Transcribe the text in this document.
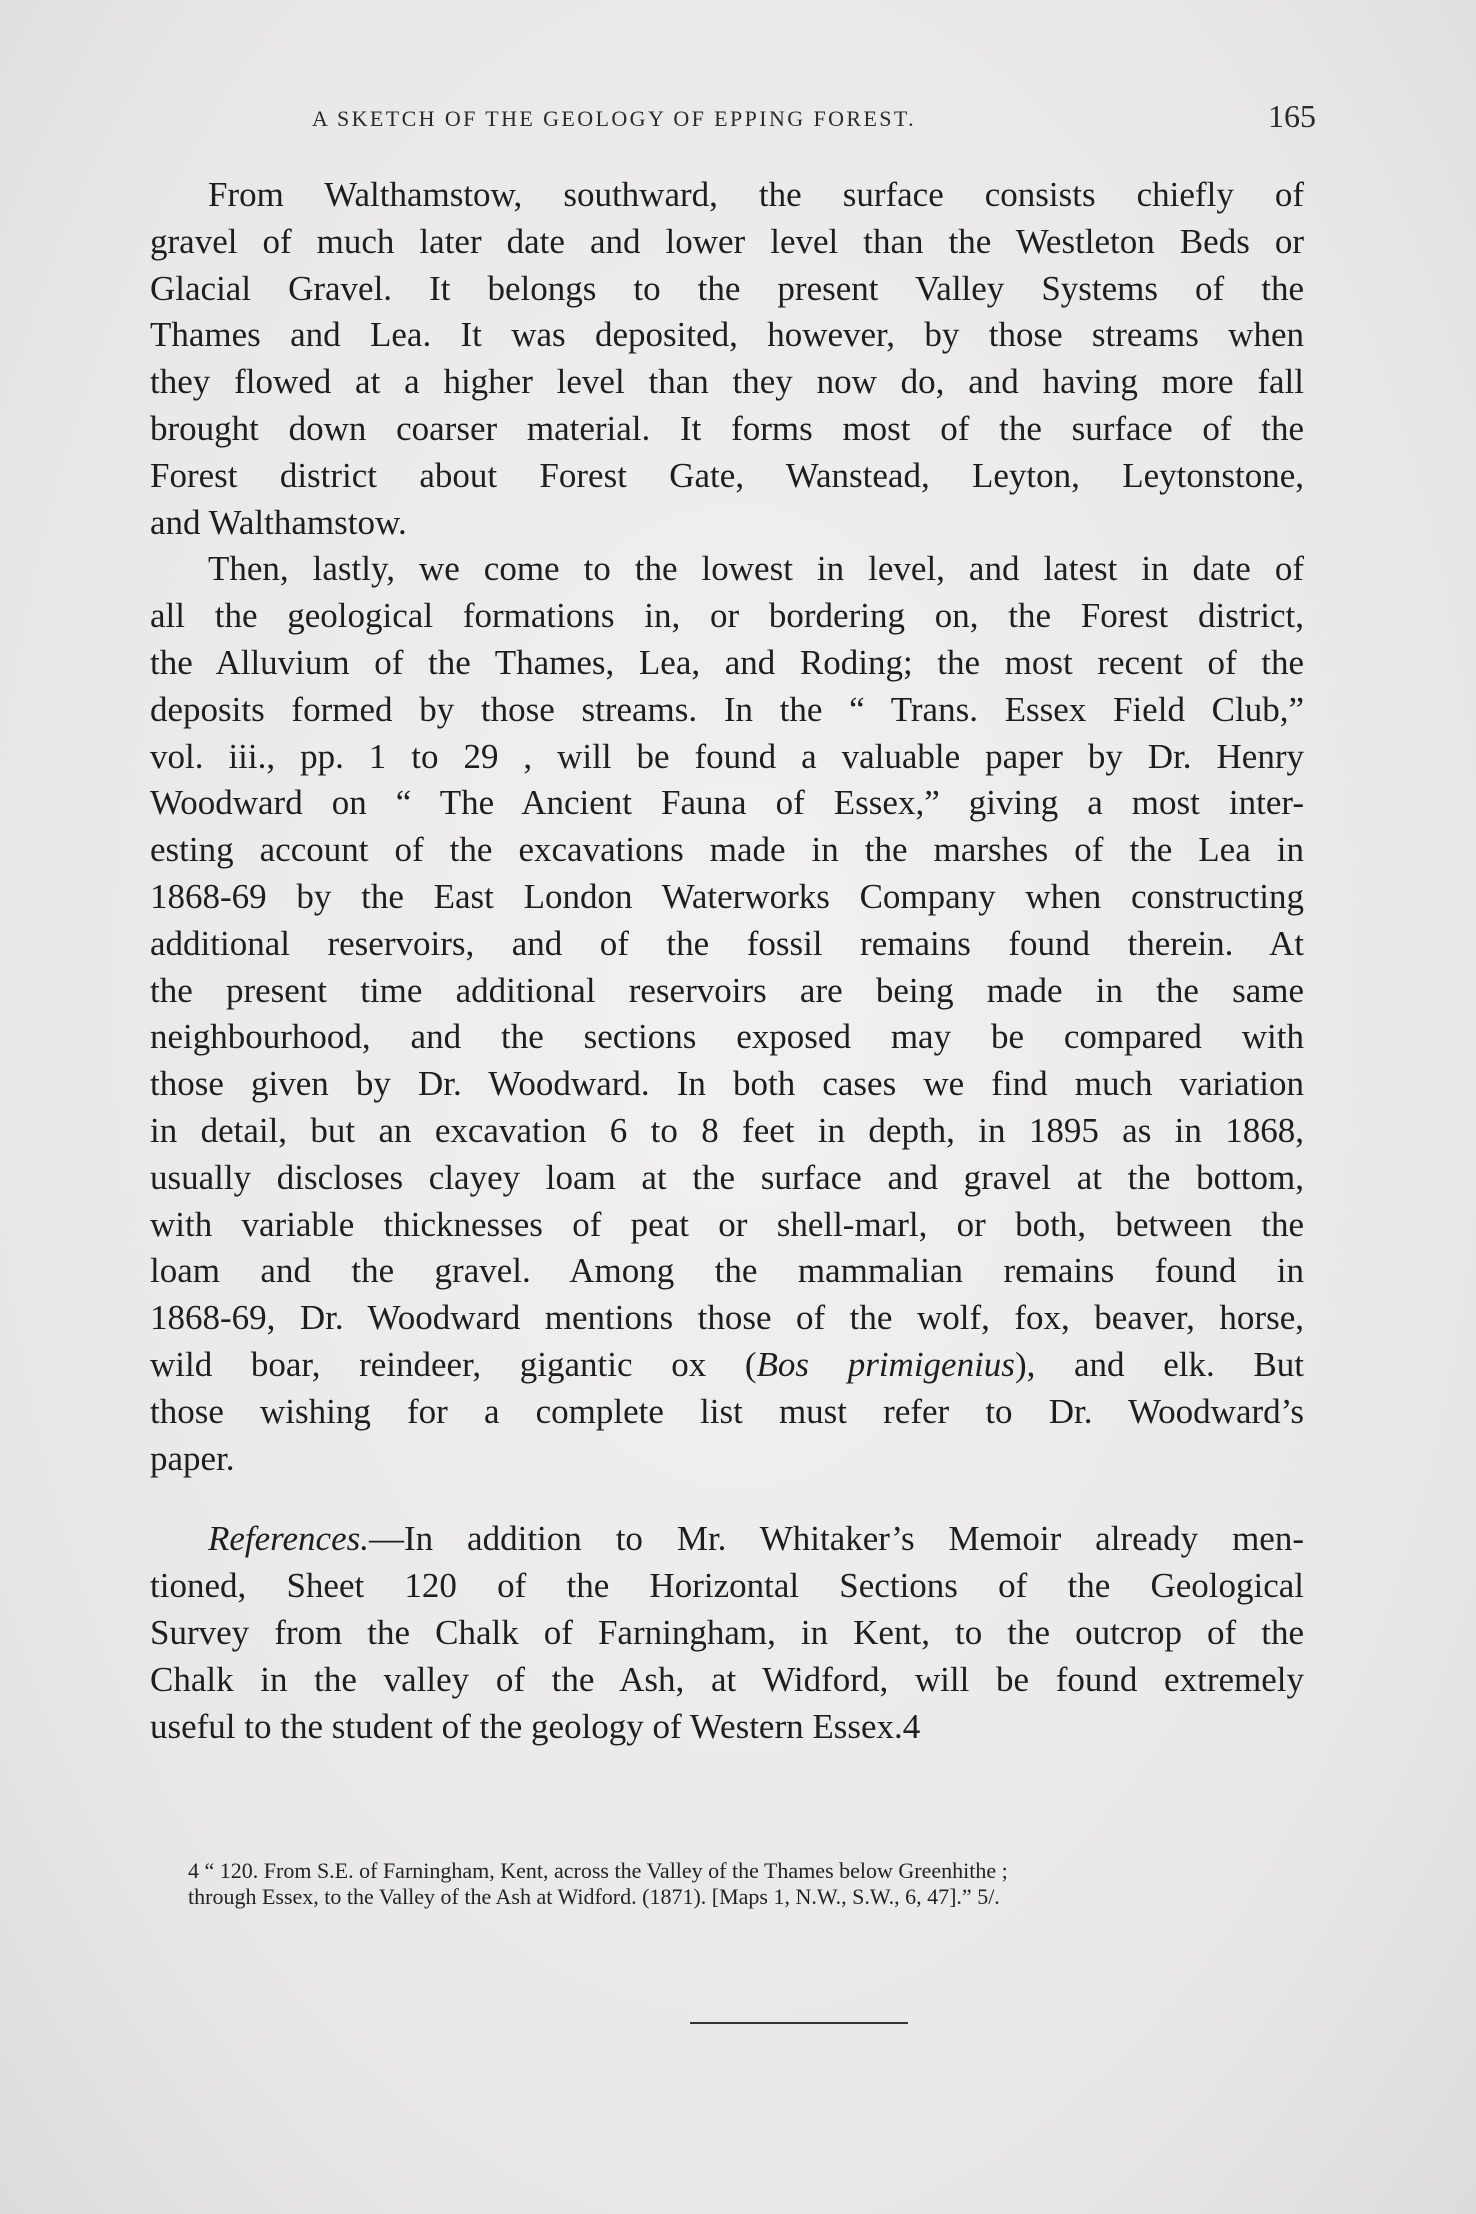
A SKETCH OF THE GEOLOGY OF EPPING FOREST.	165

From Walthamstow, southward, the surface consists chiefly of
gravel of much later date and lower level than the Westleton Beds or
Glacial Gravel. It belongs to the present Valley Systems of the
Thames and Lea. It was deposited, however, by those streams when
they flowed at a higher level than they now do, and having more fall
brought down coarser material. It forms most of the surface of the
Forest district about Forest Gate, Wanstead, Leyton, Leytonstone,
and Walthamstow.

Then, lastly, we come to the lowest in level, and latest in date of
all the geological formations in, or bordering on, the Forest district,
the Alluvium of the Thames, Lea, and Roding; the most recent of the
deposits formed by those streams. In the “ Trans. Essex Field Club,”
vol. iii., pp. 1 to 29 , will be found a valuable paper by Dr. Henry
Woodward on “ The Ancient Fauna of Essex,” giving a most inter-
esting account of the excavations made in the marshes of the Lea in
1868-69 by the East London Waterworks Company when constructing
additional reservoirs, and of the fossil remains found therein. At
the present time additional reservoirs are being made in the same
neighbourhood, and the sections exposed may be compared with
those given by Dr. Woodward. In both cases we find much variation
in detail, but an excavation 6 to 8 feet in depth, in 1895 as in 1868,
usually discloses clayey loam at the surface and gravel at the bottom,
with variable thicknesses of peat or shell-marl, or both, between the
loam and the gravel. Among the mammalian remains found in
1868-69, Dr. Woodward mentions those of the wolf, fox, beaver, horse,
wild boar, reindeer, gigantic ox (Bos primigenius), and elk. But
those wishing for a complete list must refer to Dr. Woodward’s
paper.

References.—In addition to Mr. Whitaker’s Memoir already men-
tioned, Sheet 120 of the Horizontal Sections of the Geological
Survey from the Chalk of Farningham, in Kent, to the outcrop of the
Chalk in the valley of the Ash, at Widford, will be found extremely
useful to the student of the geology of Western Essex.4

4 “ 120. From S.E. of Farningham, Kent, across the Valley of the Thames below Greenhithe ;
through Essex, to the Valley of the Ash at Widford. (1871). [Maps 1, N.W., S.W., 6, 47].” 5/.
